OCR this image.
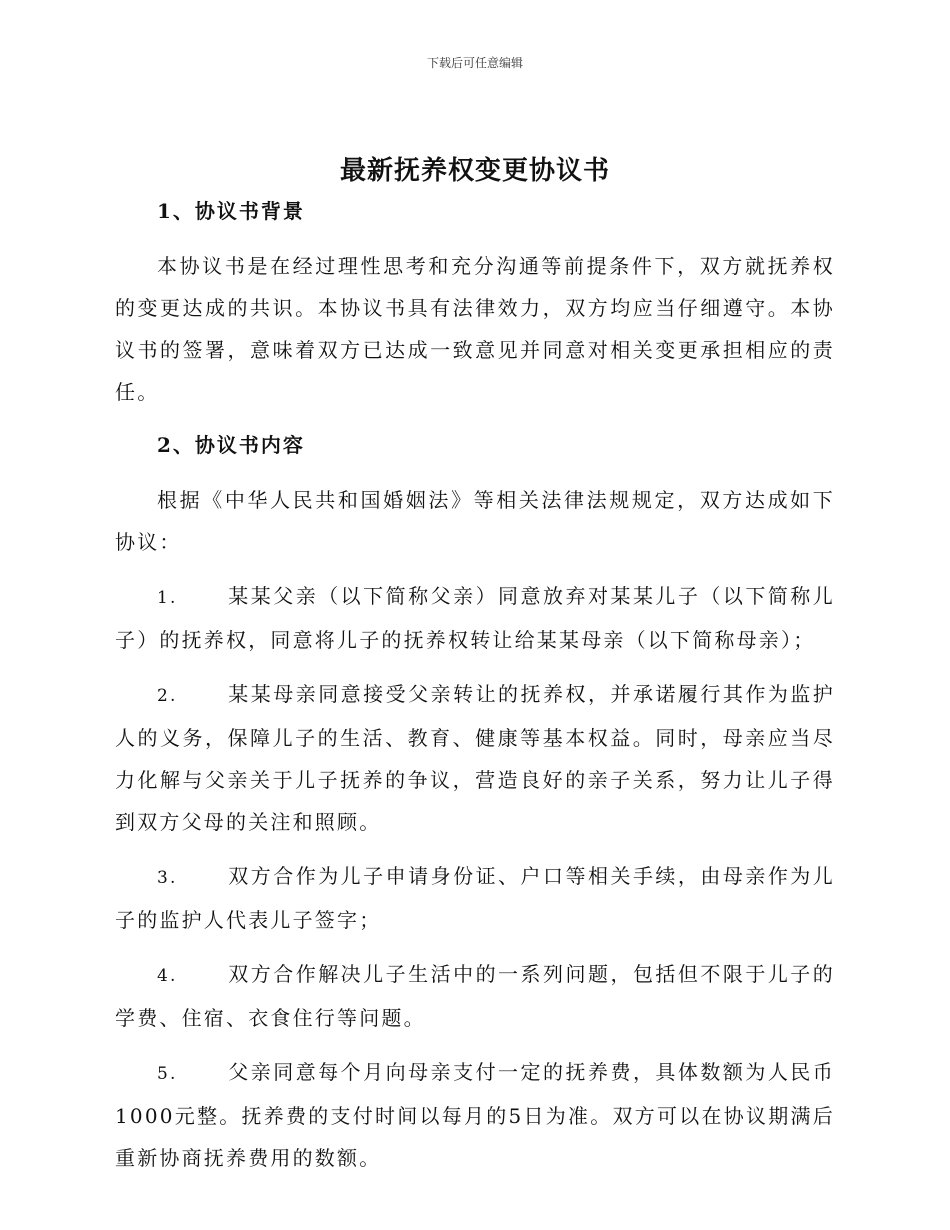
下载后可任意编辑
最新抚养权变更协议书
1、协议书背景

本协议书是在经过理性思考和充分沟通等前提条件下，双方就抚养权的变更达成的共识。本协议书具有法律效力，双方均应当仔细遵守。本协议书的签署，意味着双方已达成一致意见并同意对相关变更承担相应的责任。

2、协议书内容

根据《中华人民共和国婚姻法》等相关法律法规规定，双方达成如下协议：

1.	某某父亲（以下简称父亲）同意放弃对某某儿子（以下简称儿子）的抚养权，同意将儿子的抚养权转让给某某母亲（以下简称母亲）；

2.	某某母亲同意接受父亲转让的抚养权，并承诺履行其作为监护人的义务，保障儿子的生活、教育、健康等基本权益。同时，母亲应当尽力化解与父亲关于儿子抚养的争议，营造良好的亲子关系，努力让儿子得到双方父母的关注和照顾。

3.	双方合作为儿子申请身份证、户口等相关手续，由母亲作为儿子的监护人代表儿子签字；

4.	双方合作解决儿子生活中的一系列问题，包括但不限于儿子的学费、住宿、衣食住行等问题。

5.	父亲同意每个月向母亲支付一定的抚养费，具体数额为人民币1000元整。抚养费的支付时间以每月的5日为准。双方可以在协议期满后重新协商抚养费用的数额。
